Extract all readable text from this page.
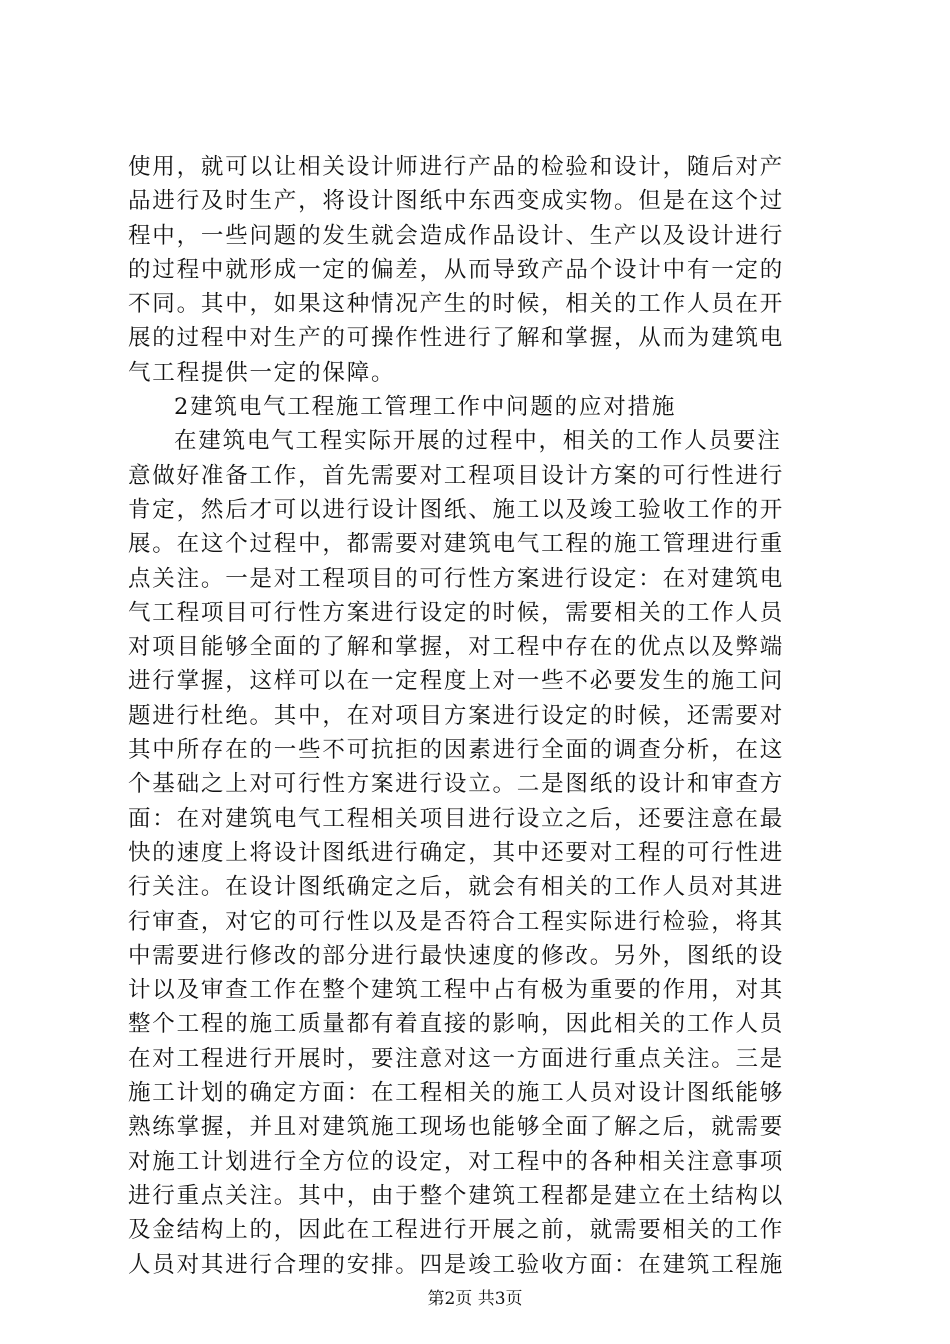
使用，就可以让相关设计师进行产品的检验和设计，随后对产
品进行及时生产，将设计图纸中东西变成实物。但是在这个过
程中，一些问题的发生就会造成作品设计、生产以及设计进行
的过程中就形成一定的偏差，从而导致产品个设计中有一定的
不同。其中，如果这种情况产生的时候，相关的工作人员在开
展的过程中对生产的可操作性进行了解和掌握，从而为建筑电
气工程提供一定的保障。
2建筑电气工程施工管理工作中问题的应对措施
在建筑电气工程实际开展的过程中，相关的工作人员要注
意做好准备工作，首先需要对工程项目设计方案的可行性进行
肯定，然后才可以进行设计图纸、施工以及竣工验收工作的开
展。在这个过程中，都需要对建筑电气工程的施工管理进行重
点关注。一是对工程项目的可行性方案进行设定：在对建筑电
气工程项目可行性方案进行设定的时候，需要相关的工作人员
对项目能够全面的了解和掌握，对工程中存在的优点以及弊端
进行掌握，这样可以在一定程度上对一些不必要发生的施工问
题进行杜绝。其中，在对项目方案进行设定的时候，还需要对
其中所存在的一些不可抗拒的因素进行全面的调查分析，在这
个基础之上对可行性方案进行设立。二是图纸的设计和审查方
面：在对建筑电气工程相关项目进行设立之后，还要注意在最
快的速度上将设计图纸进行确定，其中还要对工程的可行性进
行关注。在设计图纸确定之后，就会有相关的工作人员对其进
行审查，对它的可行性以及是否符合工程实际进行检验，将其
中需要进行修改的部分进行最快速度的修改。另外，图纸的设
计以及审查工作在整个建筑工程中占有极为重要的作用，对其
整个工程的施工质量都有着直接的影响，因此相关的工作人员
在对工程进行开展时，要注意对这一方面进行重点关注。三是
施工计划的确定方面：在工程相关的施工人员对设计图纸能够
熟练掌握，并且对建筑施工现场也能够全面了解之后，就需要
对施工计划进行全方位的设定，对工程中的各种相关注意事项
进行重点关注。其中，由于整个建筑工程都是建立在土结构以
及金结构上的，因此在工程进行开展之前，就需要相关的工作
人员对其进行合理的安排。四是竣工验收方面：在建筑工程施
第2页 共3页
